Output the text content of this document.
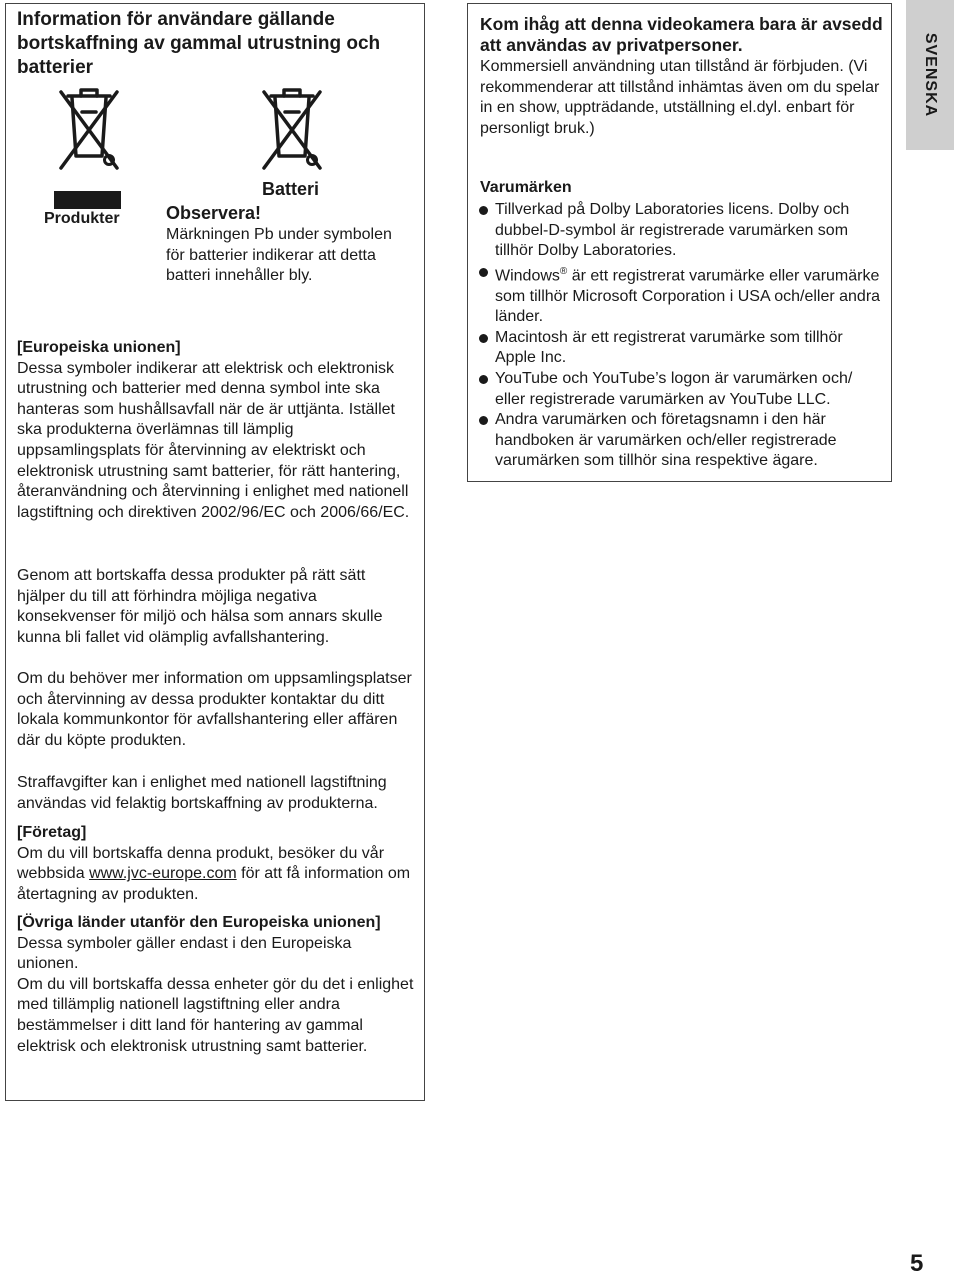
Information för användare gällande bortskaffning av gammal utrustning och batterier
Produkter
Batteri
Observera!
Märkningen Pb under symbolen för batterier indikerar att detta batteri innehåller bly.
[Europeiska unionen]
Dessa symboler indikerar att elektrisk och elektronisk utrustning och batterier med denna symbol inte ska hanteras som hushållsavfall när de är uttjänta. Istället ska produkterna överlämnas till lämplig uppsamlingsplats för återvinning av elektriskt och elektronisk utrustning samt batterier, för rätt hantering, återanvändning och återvinning i enlighet med nationell lagstiftning och direktiven 2002/96/EC och 2006/66/EC.
Genom att bortskaffa dessa produkter på rätt sätt hjälper du till att förhindra möjliga negativa konsekvenser för miljö och hälsa som annars skulle kunna bli fallet vid olämplig avfallshantering.
Om du behöver mer information om uppsamlingsplatser och återvinning av dessa produkter kontaktar du ditt lokala kommunkontor för avfallshantering eller affären där du köpte produkten.
Straffavgifter kan i enlighet med nationell lagstiftning användas vid felaktig bortskaffning av produkterna.
[Företag]
Om du vill bortskaffa denna produkt, besöker du vår webbsida www.jvc-europe.com för att få information om återtagning av produkten.
[Övriga länder utanför den Europeiska unionen]
Dessa symboler gäller endast i den Europeiska unionen.
Om du vill bortskaffa dessa enheter gör du det i enlighet med tillämplig nationell lagstiftning eller andra bestämmelser i ditt land för hantering av gammal elektrisk och elektronisk utrustning samt batterier.
Kom ihåg att denna videokamera bara är avsedd att användas av privatpersoner.
Kommersiell användning utan tillstånd är förbjuden. (Vi rekommenderar att tillstånd inhämtas även om du spelar in en show, uppträdande, utställning el.dyl. enbart för personligt bruk.)
Varumärken
Tillverkad på Dolby Laboratories licens. Dolby och dubbel-D-symbol är registrerade varumärken som tillhör Dolby Laboratories.
Windows® är ett registrerat varumärke eller varumärke som tillhör Microsoft Corporation i USA och/eller andra länder.
Macintosh är ett registrerat varumärke som tillhör Apple Inc.
YouTube och YouTube’s logon är varumärken och/ eller registrerade varumärken av YouTube LLC.
Andra varumärken och företagsnamn i den här handboken är varumärken och/eller registrerade varumärken som tillhör sina respektive ägare.
SVENSKA
5
